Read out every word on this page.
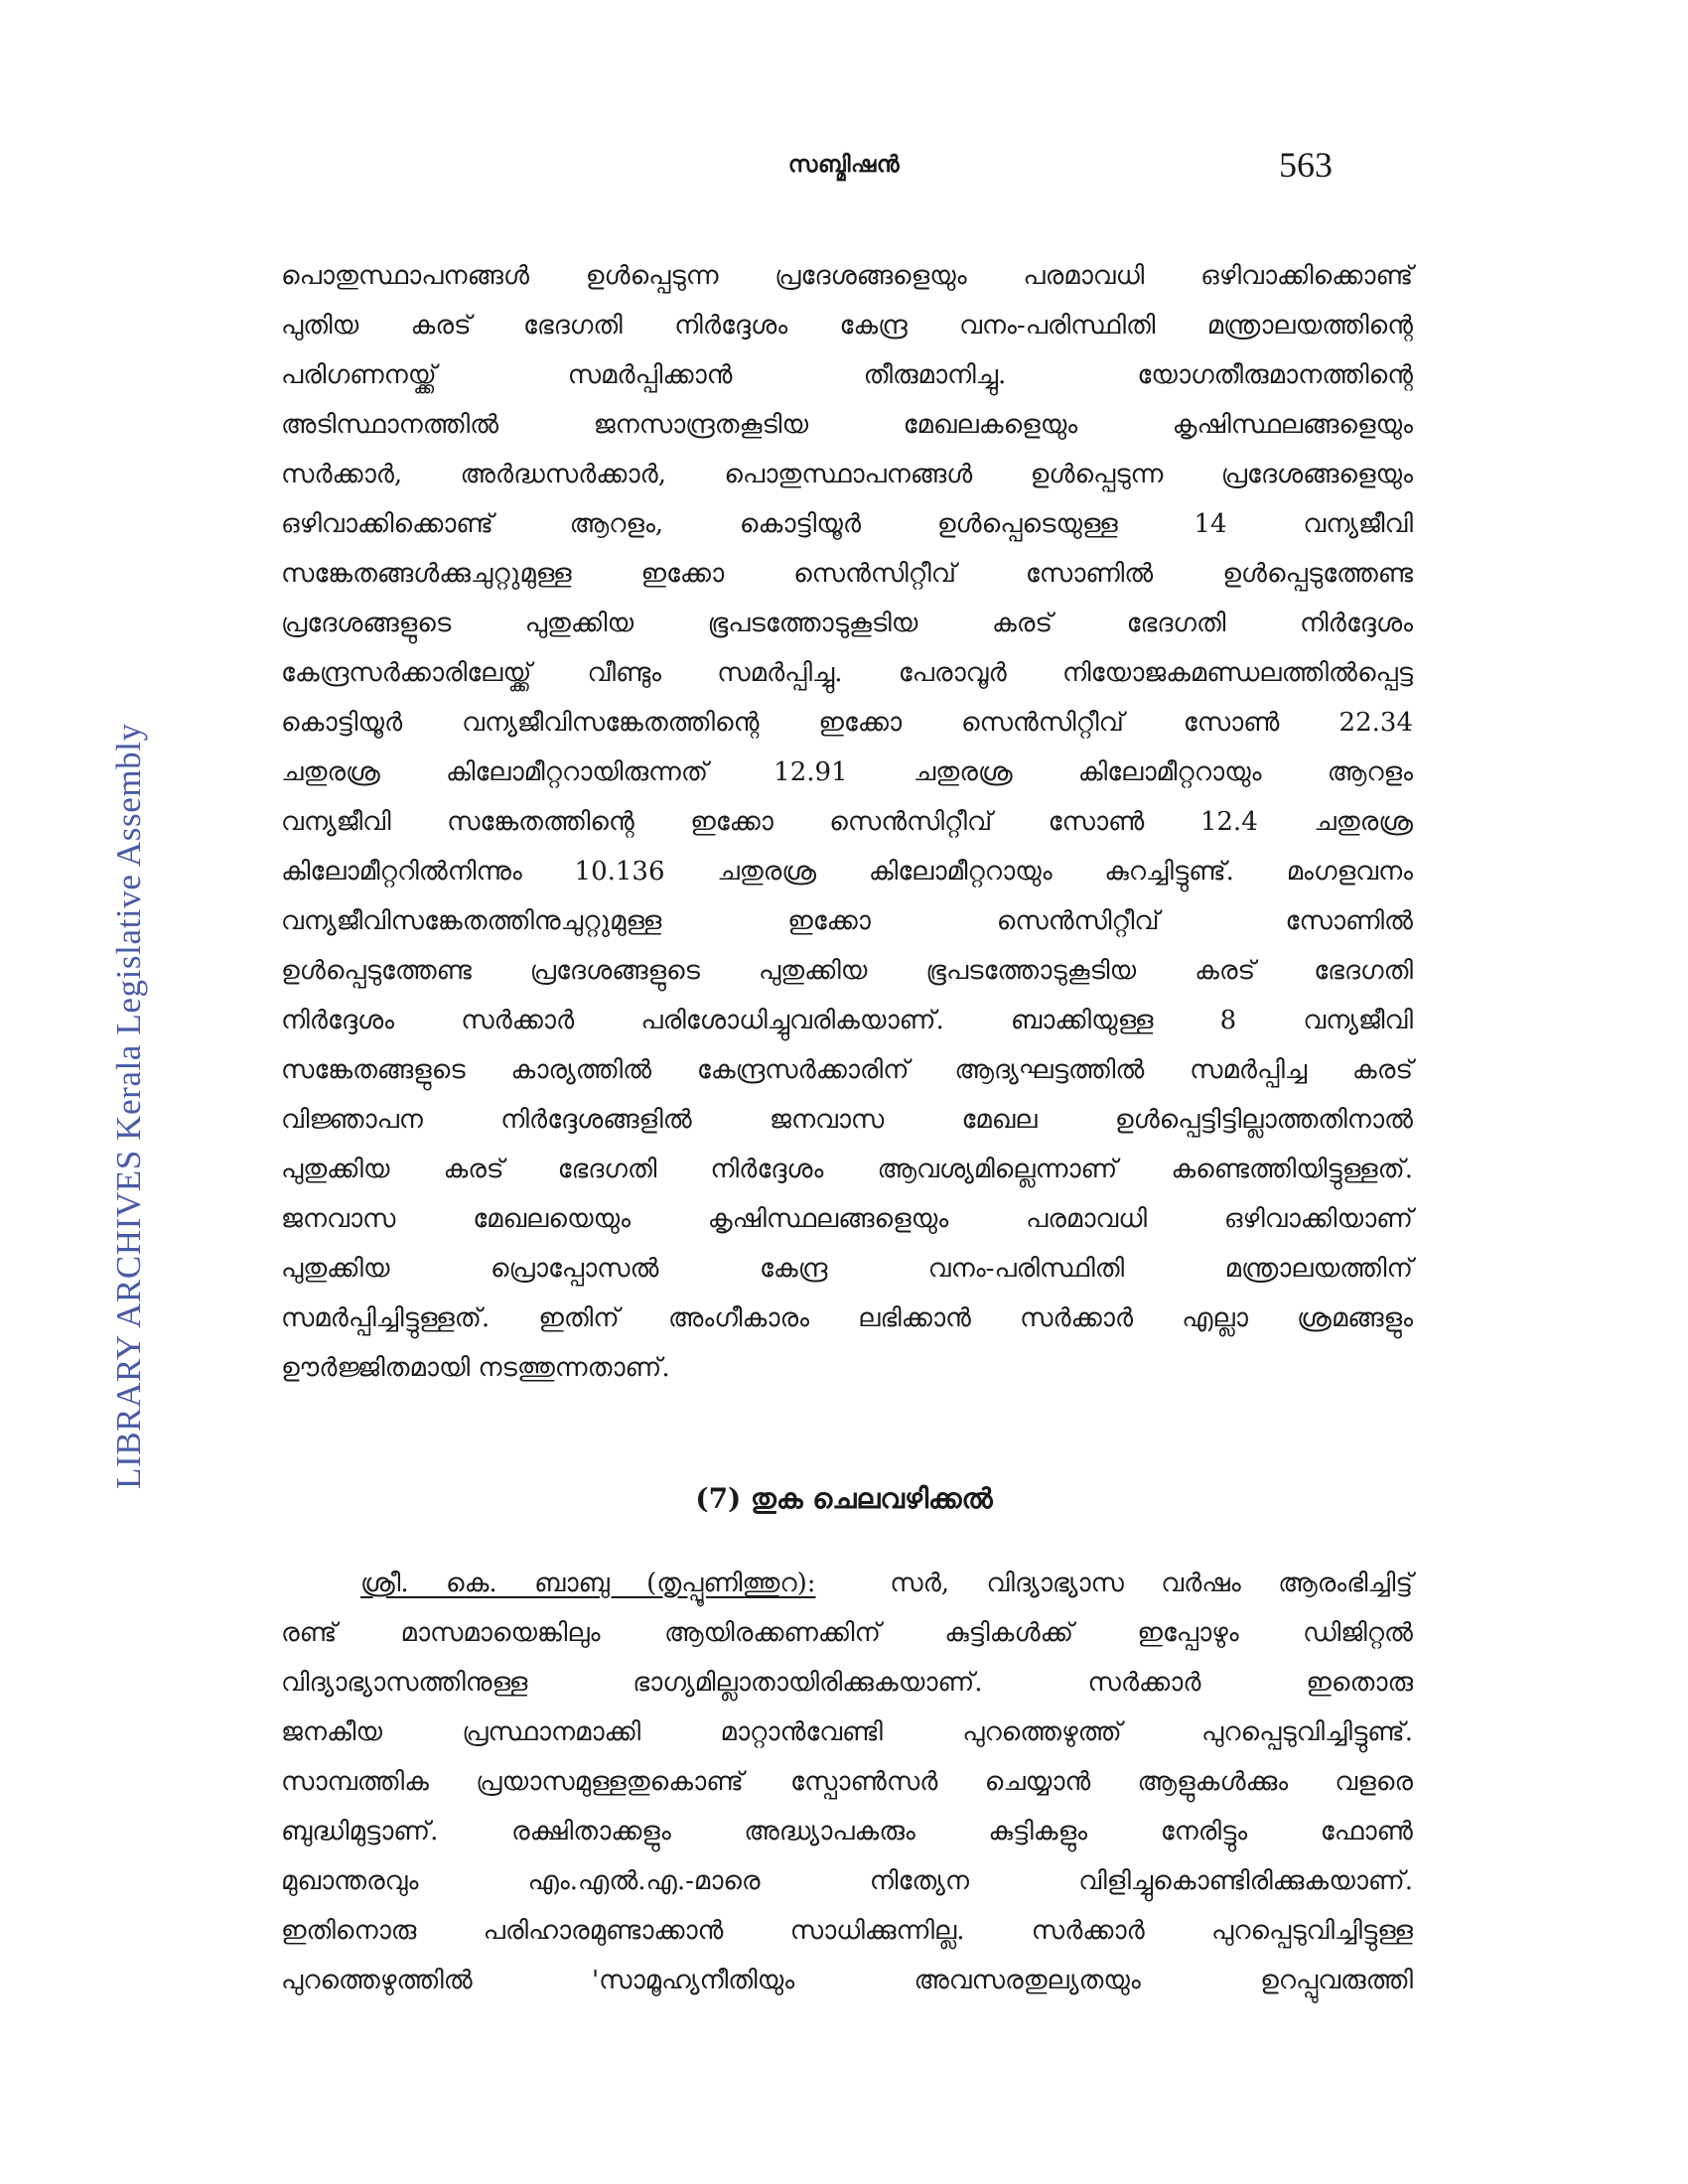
സബ്മിഷൻ	563
LIBRARY ARCHIVES Kerala Legislative Assembly
പൊതുസ്ഥാപനങ്ങൾ ഉൾപ്പെടുന്ന പ്രദേശങ്ങളെയും പരമാവധി ഒഴിവാക്കിക്കൊണ്ട്
പുതിയ കരട് ഭേദഗതി നിർദ്ദേശം കേന്ദ്ര വനം-പരിസ്ഥിതി മന്ത്രാലയത്തിന്റെ
പരിഗണനയ്ക്ക് സമർപ്പിക്കാൻ തീരുമാനിച്ചു. യോഗതീരുമാനത്തിന്റെ
അടിസ്ഥാനത്തിൽ ജനസാന്ദ്രതകൂടിയ മേഖലകളെയും കൃഷിസ്ഥലങ്ങളെയും
സർക്കാർ, അർദ്ധസർക്കാർ, പൊതുസ്ഥാപനങ്ങൾ ഉൾപ്പെടുന്ന പ്രദേശങ്ങളെയും
ഒഴിവാക്കിക്കൊണ്ട് ആറളം, കൊട്ടിയൂർ ഉൾപ്പെടെയുള്ള 14 വന്യജീവി
സങ്കേതങ്ങൾക്കുചുറ്റുമുള്ള ഇക്കോ സെൻസിറ്റീവ് സോണിൽ ഉൾപ്പെടുത്തേണ്ട
പ്രദേശങ്ങളുടെ പുതുക്കിയ ഭൂപടത്തോടുകൂടിയ കരട് ഭേദഗതി നിർദ്ദേശം
കേന്ദ്രസർക്കാരിലേയ്ക്ക് വീണ്ടും സമർപ്പിച്ചു. പേരാവൂർ നിയോജകമണ്ഡലത്തിൽപ്പെട്ട
കൊട്ടിയൂർ വന്യജീവിസങ്കേതത്തിന്റെ ഇക്കോ സെൻസിറ്റീവ് സോൺ 22.34
ചതുരശ്ര കിലോമീറ്ററായിരുന്നത് 12.91 ചതുരശ്ര കിലോമീറ്ററായും ആറളം
വന്യജീവി സങ്കേതത്തിന്റെ ഇക്കോ സെൻസിറ്റീവ് സോൺ 12.4 ചതുരശ്ര
കിലോമീറ്ററിൽനിന്നും 10.136 ചതുരശ്ര കിലോമീറ്ററായും കുറച്ചിട്ടുണ്ട്. മംഗളവനം
വന്യജീവിസങ്കേതത്തിനുചുറ്റുമുള്ള ഇക്കോ സെൻസിറ്റീവ് സോണിൽ
ഉൾപ്പെടുത്തേണ്ട പ്രദേശങ്ങളുടെ പുതുക്കിയ ഭൂപടത്തോടുകൂടിയ കരട് ഭേദഗതി
നിർദ്ദേശം സർക്കാർ പരിശോധിച്ചുവരികയാണ്. ബാക്കിയുള്ള 8 വന്യജീവി
സങ്കേതങ്ങളുടെ കാര്യത്തിൽ കേന്ദ്രസർക്കാരിന് ആദ്യഘട്ടത്തിൽ സമർപ്പിച്ച കരട്
വിജ്ഞാപന നിർദ്ദേശങ്ങളിൽ ജനവാസ മേഖല ഉൾപ്പെട്ടിട്ടില്ലാത്തതിനാൽ
പുതുക്കിയ കരട് ഭേദഗതി നിർദ്ദേശം ആവശ്യമില്ലെന്നാണ് കണ്ടെത്തിയിട്ടുള്ളത്.
ജനവാസ മേഖലയെയും കൃഷിസ്ഥലങ്ങളെയും പരമാവധി ഒഴിവാക്കിയാണ്
പുതുക്കിയ പ്രൊപ്പോസൽ കേന്ദ്ര വനം-പരിസ്ഥിതി മന്ത്രാലയത്തിന്
സമർപ്പിച്ചിട്ടുള്ളത്. ഇതിന് അംഗീകാരം ലഭിക്കാൻ സർക്കാർ എല്ലാ ശ്രമങ്ങളും
ഊർജ്ജിതമായി നടത്തുന്നതാണ്.
(7) തുക ചെലവഴിക്കൽ
ശ്രീ. കെ. ബാബു (തൃപ്പൂണിത്തുറ):	സർ, വിദ്യാഭ്യാസ വർഷം ആരംഭിച്ചിട്ട്
രണ്ട് മാസമായെങ്കിലും ആയിരക്കണക്കിന് കുട്ടികൾക്ക് ഇപ്പോഴും ഡിജിറ്റൽ
വിദ്യാഭ്യാസത്തിനുള്ള ഭാഗ്യമില്ലാതായിരിക്കുകയാണ്. സർക്കാർ ഇതൊരു
ജനകീയ പ്രസ്ഥാനമാക്കി മാറ്റാൻവേണ്ടി പുറത്തെഴുത്ത് പുറപ്പെടുവിച്ചിട്ടുണ്ട്.
സാമ്പത്തിക പ്രയാസമുള്ളതുകൊണ്ട് സ്പോൺസർ ചെയ്യാൻ ആളുകൾക്കും വളരെ
ബുദ്ധിമുട്ടാണ്. രക്ഷിതാക്കളും അദ്ധ്യാപകരും കുട്ടികളും നേരിട്ടും ഫോൺ
മുഖാന്തരവും എം.എൽ.എ.-മാരെ നിത്യേന വിളിച്ചുകൊണ്ടിരിക്കുകയാണ്.
ഇതിനൊരു പരിഹാരമുണ്ടാക്കാൻ സാധിക്കുന്നില്ല. സർക്കാർ പുറപ്പെടുവിച്ചിട്ടുള്ള
പുറത്തെഴുത്തിൽ 'സാമൂഹ്യനീതിയും അവസരതുല്യതയും ഉറപ്പുവരുത്തി
